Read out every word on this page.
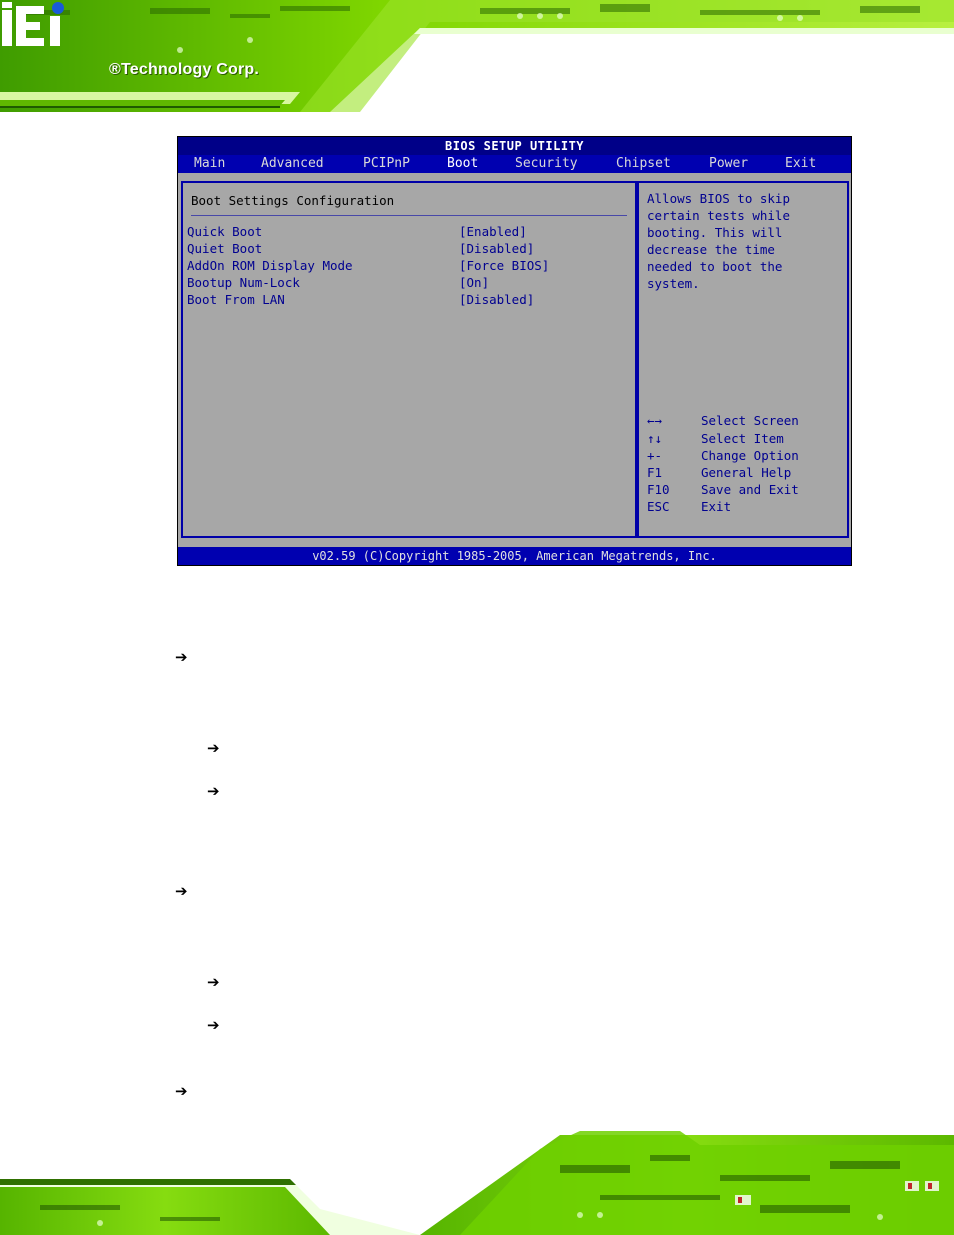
®Technology Corp.
BIOS SETUP UTILITY
Main	Advanced	PCIPnP	Boot	Security	Chipset	Power	Exit
Boot Settings Configuration
Quick Boot	[Enabled]
Quiet Boot	[Disabled]
AddOn ROM Display Mode	[Force BIOS]
Bootup Num-Lock	[On]
Boot From LAN	[Disabled]
Allows BIOS to skip
certain tests while
booting. This will
decrease the time
needed to boot the
system.
←→	Select Screen
↑↓	Select Item
+-	Change Option
F1	General Help
F10	Save and Exit
ESC	Exit
v02.59 (C)Copyright 1985-2005, American Megatrends, Inc.
➔
➔
➔
➔
➔
➔
➔
